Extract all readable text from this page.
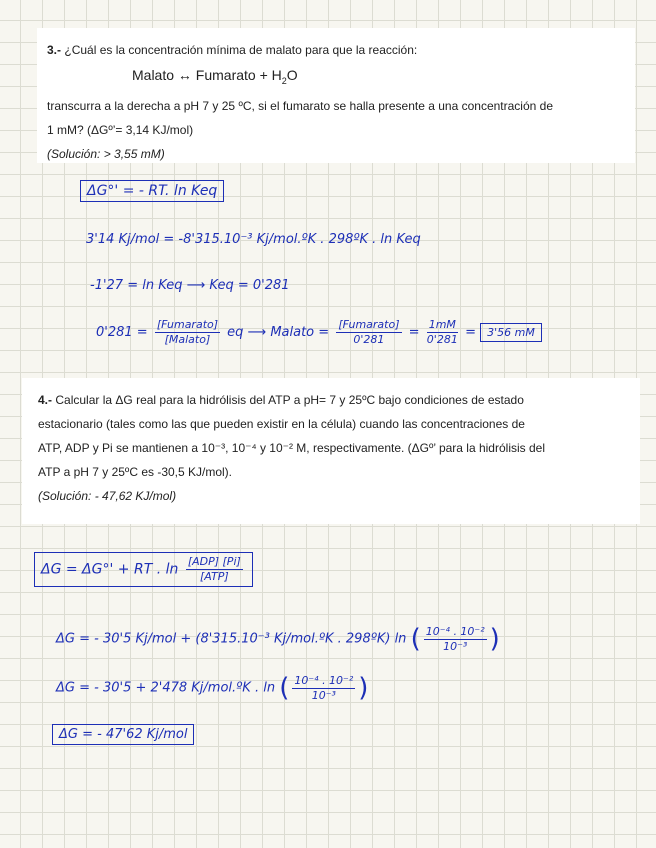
3.- ¿Cuál es la concentración mínima de malato para que la reacción:
Malato ↔ Fumarato + $H_2O$
transcurra a la derecha a pH 7 y 25 ºC, si el fumarato se halla presente a una concentración de
1 mM? (ΔGº’= 3,14 KJ/mol)
(Solución: > 3,55 mM)
ΔG°' = - RT. ln Keq
3'14 Kj/mol = -8'315.10⁻³ Kj/mol.ºK . 298ºK . ln Keq
-1'27 = ln Keq ⟶ Keq = 0'281
$0'281 = \frac{\text{[Fumarato]}}{\text{[Malato]}}$ eq ⟶ Malato = $\frac{\text{[Fumarato]}}{0'281} = \frac{1mM}{0'281} = 3'56$ mM
4.- Calcular la ΔG real para la hidrólisis del ATP a pH= 7 y 25ºC bajo condiciones de estado
estacionario (tales como las que pueden existir en la célula) cuando las concentraciones de
ATP, ADP y Pi se mantienen a 10⁻³, 10⁻⁴ y 10⁻² M, respectivamente. (ΔGº’ para la hidrólisis del
ATP a pH 7 y 25ºC es -30,5 KJ/mol).
(Solución: - 47,62 KJ/mol)
ΔG = ΔG°' + RT . $\ln \frac{\text{[ADP] [Pi]}}{\text{[ATP]}}$
ΔG = - 30'5 Kj/mol + (8'315.10⁻³ Kj/mol.ºK . 298ºK) ln ( $\frac{\text{10⁻⁴ . 10⁻²}}{\text{10⁻³}}$ )
ΔG = - 30'5 + 2'478 Kj/mol.ºK . ln ( $\frac{\text{10⁻⁴ . 10⁻²}}{\text{10⁻³}}$ )
ΔG = - 47'62 Kj/mol
